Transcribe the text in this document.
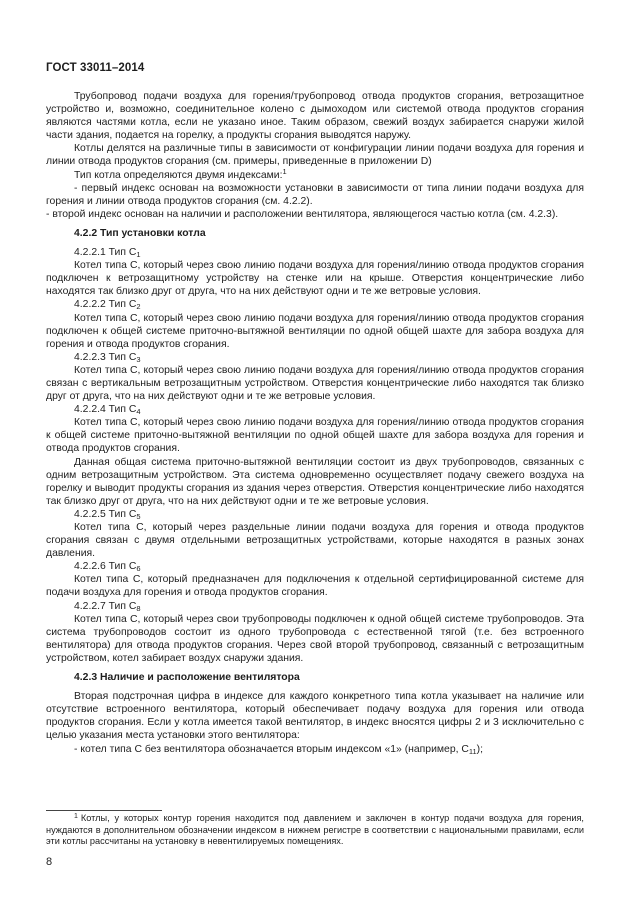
ГОСТ 33011–2014

Трубопровод подачи воздуха для горения/трубопровод отвода продуктов сгорания, ветрозащитное устройство и, возможно, соединительное колено с дымоходом или системой отвода продуктов сгорания являются частями котла, если не указано иное. Таким образом, свежий воздух забирается снаружи жилой части здания, подается на горелку, а продукты сгорания выводятся наружу.

Котлы делятся на различные типы в зависимости от конфигурации линии подачи воздуха для горения и линии отвода продуктов сгорания (см. примеры, приведенные в приложении D)

Тип котла определяются двумя индексами:$^1$

- первый индекс основан на возможности установки в зависимости от типа линии подачи воздуха для горения и линии отвода продуктов сгорания (см. 4.2.2).

- второй индекс основан на наличии и расположении вентилятора, являющегося частью котла (см. 4.2.3).

4.2.2 Тип установки котла

4.2.2.1 Тип $C_1$

Котел типа С, который через свою линию подачи воздуха для горения/линию отвода продуктов сгорания подключен к ветрозащитному устройству на стенке или на крыше. Отверстия концентрические либо находятся так близко друг от друга, что на них действуют одни и те же ветровые условия.

4.2.2.2 Тип $C_2$

Котел типа С, который через свою линию подачи воздуха для горения/линию отвода продуктов сгорания подключен к общей системе приточно-вытяжной вентиляции по одной общей шахте для забора воздуха для горения и отвода продуктов сгорания.

4.2.2.3 Тип $C_3$

Котел типа С, который через свою линию подачи воздуха для горения/линию отвода продуктов сгорания связан с вертикальным ветрозащитным устройством. Отверстия концентрические либо находятся так близко друг от друга, что на них действуют одни и те же ветровые условия.

4.2.2.4 Тип $C_4$

Котел типа С, который через свою линию подачи воздуха для горения/линию отвода продуктов сгорания к общей системе приточно-вытяжной вентиляции по одной общей шахте для забора воздуха для горения и отвода продуктов сгорания.

Данная общая система приточно-вытяжной вентиляции состоит из двух трубопроводов, связанных с одним ветрозащитным устройством. Эта система одновременно осуществляет подачу свежего воздуха на горелку и выводит продукты сгорания из здания через отверстия. Отверстия концентрические либо находятся так близко друг от друга, что на них действуют одни и те же ветровые условия.

4.2.2.5 Тип $C_5$

Котел типа С, который через раздельные линии подачи воздуха для горения и отвода продуктов сгорания связан с двумя отдельными ветрозащитных устройствами, которые находятся в разных зонах давления.

4.2.2.6 Тип $C_6$

Котел типа С, который предназначен для подключения к отдельной сертифицированной системе для подачи воздуха для горения и отвода продуктов сгорания.

4.2.2.7 Тип $C_8$

Котел типа С, который через свои трубопроводы подключен к одной общей системе трубопроводов. Эта система трубопроводов состоит из одного трубопровода с естественной тягой (т.е. без встроенного вентилятора) для отвода продуктов сгорания. Через свой второй трубопровод, связанный с ветрозащитным устройством, котел забирает воздух снаружи здания.

4.2.3 Наличие и расположение вентилятора

Вторая подстрочная цифра в индексе для каждого конкретного типа котла указывает на наличие или отсутствие встроенного вентилятора, который обеспечивает подачу воздуха для горения или отвода продуктов сгорания. Если у котла имеется такой вентилятор, в индекс вносятся цифры 2 и 3 исключительно с целью указания места установки этого вентилятора:

- котел типа С без вентилятора обозначается вторым индексом «1» (например, $C_{11}$);

$^1$ Котлы, у которых контур горения находится под давлением и заключен в контур подачи воздуха для горения, нуждаются в дополнительном обозначении индексом в нижнем регистре в соответствии с национальными правилами, если эти котлы рассчитаны на установку в невентилируемых помещениях.
8
